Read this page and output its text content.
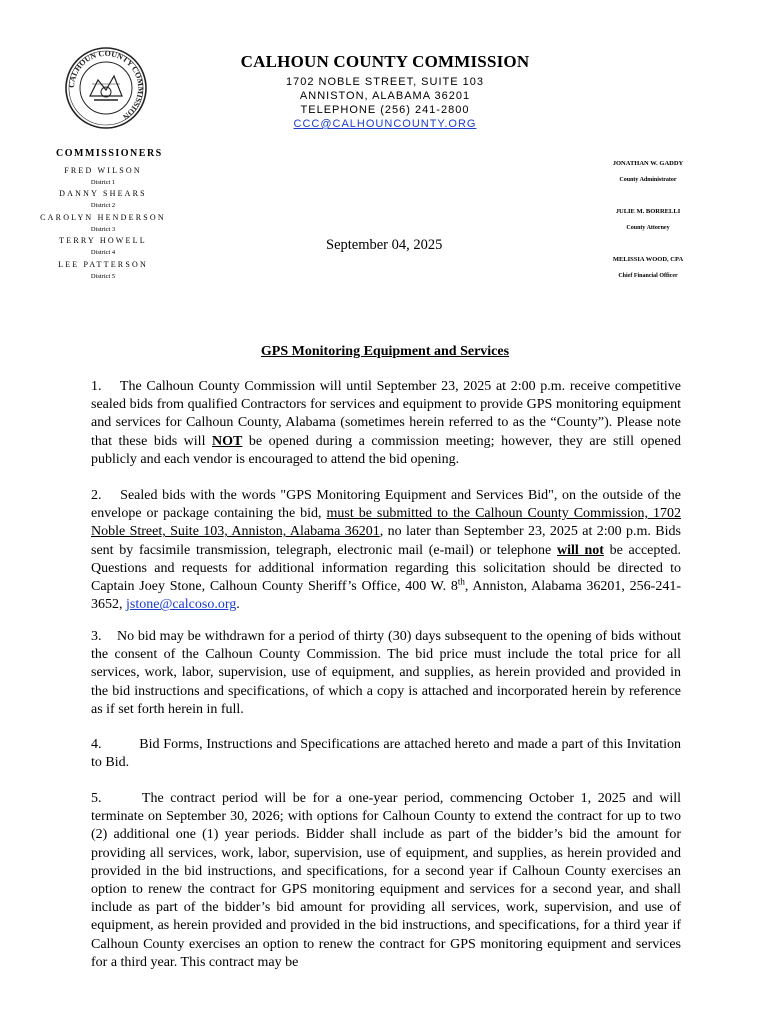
CALHOUN COUNTY COMMISSION
CALHOUN COUNTY COMMISSION
1702 NOBLE STREET, SUITE 103
ANNISTON, ALABAMA 36201
TELEPHONE (256) 241-2800
CCC@CALHOUNCOUNTY.ORG
COMMISSIONERS
FRED WILSON
District 1
DANNY SHEARS
District 2
CAROLYN HENDERSON
District 3
TERRY HOWELL
District 4
LEE PATTERSON
District 5
JONATHAN W. GADDY
County Administrator
JULIE M. BORRELLI
County Attorney
MELISSIA WOOD, CPA
Chief Financial Officer
September 04, 2025
GPS Monitoring Equipment and Services
1. The Calhoun County Commission will until September 23, 2025 at 2:00 p.m. receive competitive sealed bids from qualified Contractors for services and equipment to provide GPS monitoring equipment and services for Calhoun County, Alabama (sometimes herein referred to as the “County”). Please note that these bids will NOT be opened during a commission meeting; however, they are still opened publicly and each vendor is encouraged to attend the bid opening.
2. Sealed bids with the words "GPS Monitoring Equipment and Services Bid", on the outside of the envelope or package containing the bid, must be submitted to the Calhoun County Commission, 1702 Noble Street, Suite 103, Anniston, Alabama 36201, no later than September 23, 2025 at 2:00 p.m. Bids sent by facsimile transmission, telegraph, electronic mail (e-mail) or telephone will not be accepted. Questions and requests for additional information regarding this solicitation should be directed to Captain Joey Stone, Calhoun County Sheriff’s Office, 400 W. 8th, Anniston, Alabama 36201, 256-241-3652, jstone@calcoso.org.
3. No bid may be withdrawn for a period of thirty (30) days subsequent to the opening of bids without the consent of the Calhoun County Commission. The bid price must include the total price for all services, work, labor, supervision, use of equipment, and supplies, as herein provided and provided in the bid instructions and specifications, of which a copy is attached and incorporated herein by reference as if set forth herein in full.
4.	Bid Forms, Instructions and Specifications are attached hereto and made a part of this Invitation to Bid.
5.	The contract period will be for a one-year period, commencing October 1, 2025 and will terminate on September 30, 2026; with options for Calhoun County to extend the contract for up to two (2) additional one (1) year periods. Bidder shall include as part of the bidder’s bid the amount for providing all services, work, labor, supervision, use of equipment, and supplies, as herein provided and provided in the bid instructions, and specifications, for a second year if Calhoun County exercises an option to renew the contract for GPS monitoring equipment and services for a second year, and shall include as part of the bidder’s bid amount for providing all services, work, supervision, and use of equipment, as herein provided and provided in the bid instructions, and specifications, for a third year if Calhoun County exercises an option to renew the contract for GPS monitoring equipment and services for a third year. This contract may be
